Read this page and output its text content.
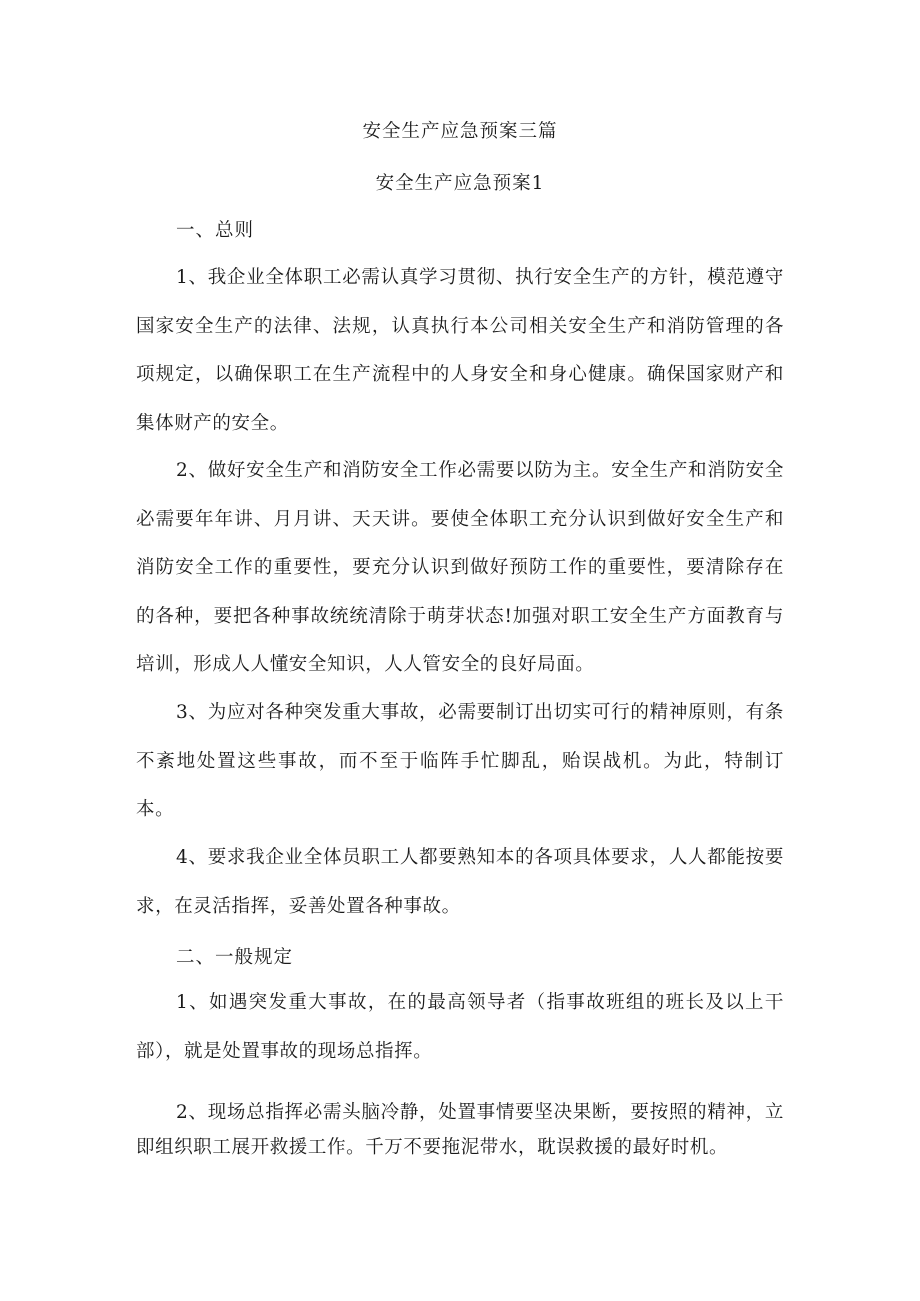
安全生产应急预案三篇
安全生产应急预案1
一、总则

1、我企业全体职工必需认真学习贯彻、执行安全生产的方针，模范遵守国家安全生产的法律、法规，认真执行本公司相关安全生产和消防管理的各项规定，以确保职工在生产流程中的人身安全和身心健康。确保国家财产和集体财产的安全。

2、做好安全生产和消防安全工作必需要以防为主。安全生产和消防安全必需要年年讲、月月讲、天天讲。要使全体职工充分认识到做好安全生产和消防安全工作的重要性，要充分认识到做好预防工作的重要性，要清除存在的各种，要把各种事故统统清除于萌芽状态!加强对职工安全生产方面教育与培训，形成人人懂安全知识，人人管安全的良好局面。

3、为应对各种突发重大事故，必需要制订出切实可行的精神原则，有条不紊地处置这些事故，而不至于临阵手忙脚乱，贻误战机。为此，特制订本。

4、要求我企业全体员职工人都要熟知本的各项具体要求，人人都能按要求，在灵活指挥，妥善处置各种事故。

二、一般规定

1、如遇突发重大事故，在的最高领导者（指事故班组的班长及以上干部），就是处置事故的现场总指挥。

2、现场总指挥必需头脑冷静，处置事情要坚决果断，要按照的精神，立即组织职工展开救援工作。千万不要拖泥带水，耽误救援的最好时机。
